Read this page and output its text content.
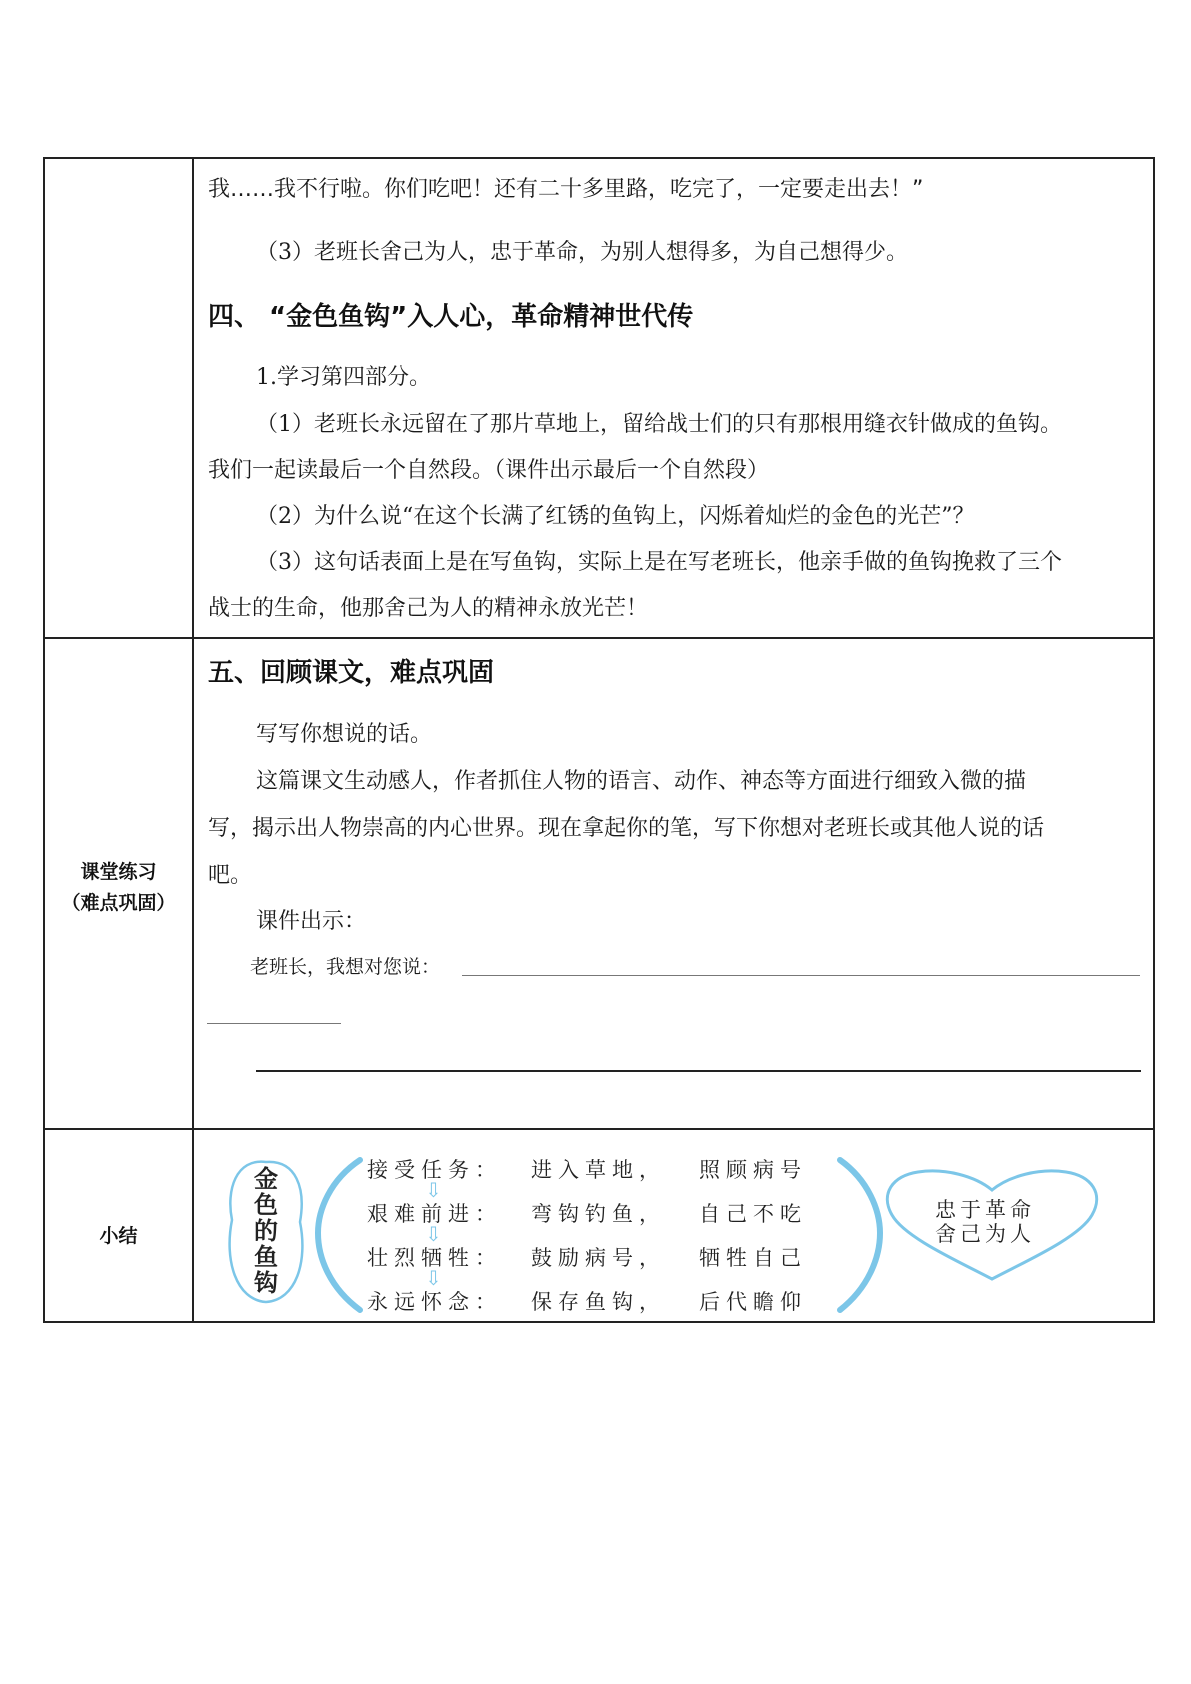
我……我不行啦。你们吃吧！还有二十多里路，吃完了，一定要走出去！”
（3）老班长舍己为人，忠于革命，为别人想得多，为自己想得少。
四、 “金色鱼钩”入人心，革命精神世代传
1.学习第四部分。
（1）老班长永远留在了那片草地上，留给战士们的只有那根用缝衣针做成的鱼钩。
我们一起读最后一个自然段。（课件出示最后一个自然段）
（2）为什么说“在这个长满了红锈的鱼钩上，闪烁着灿烂的金色的光芒”？
（3）这句话表面上是在写鱼钩，实际上是在写老班长，他亲手做的鱼钩挽救了三个
战士的生命，他那舍己为人的精神永放光芒！
课堂练习
（难点巩固）
五、回顾课文，难点巩固
写写你想说的话。
这篇课文生动感人，作者抓住人物的语言、动作、神态等方面进行细致入微的描
写，揭示出人物崇高的内心世界。现在拿起你的笔，写下你想对老班长或其他人说的话
吧。
课件出示：
老班长，我想对您说：
小结
金
色
的
鱼
钩
接受任务： 进入草地， 照顾病号
艰难前进： 弯钩钓鱼， 自己不吃
壮烈牺牲： 鼓励病号， 牺牲自己
永远怀念： 保存鱼钩， 后代瞻仰
⇩
⇩
⇩
忠于革命
舍己为人
